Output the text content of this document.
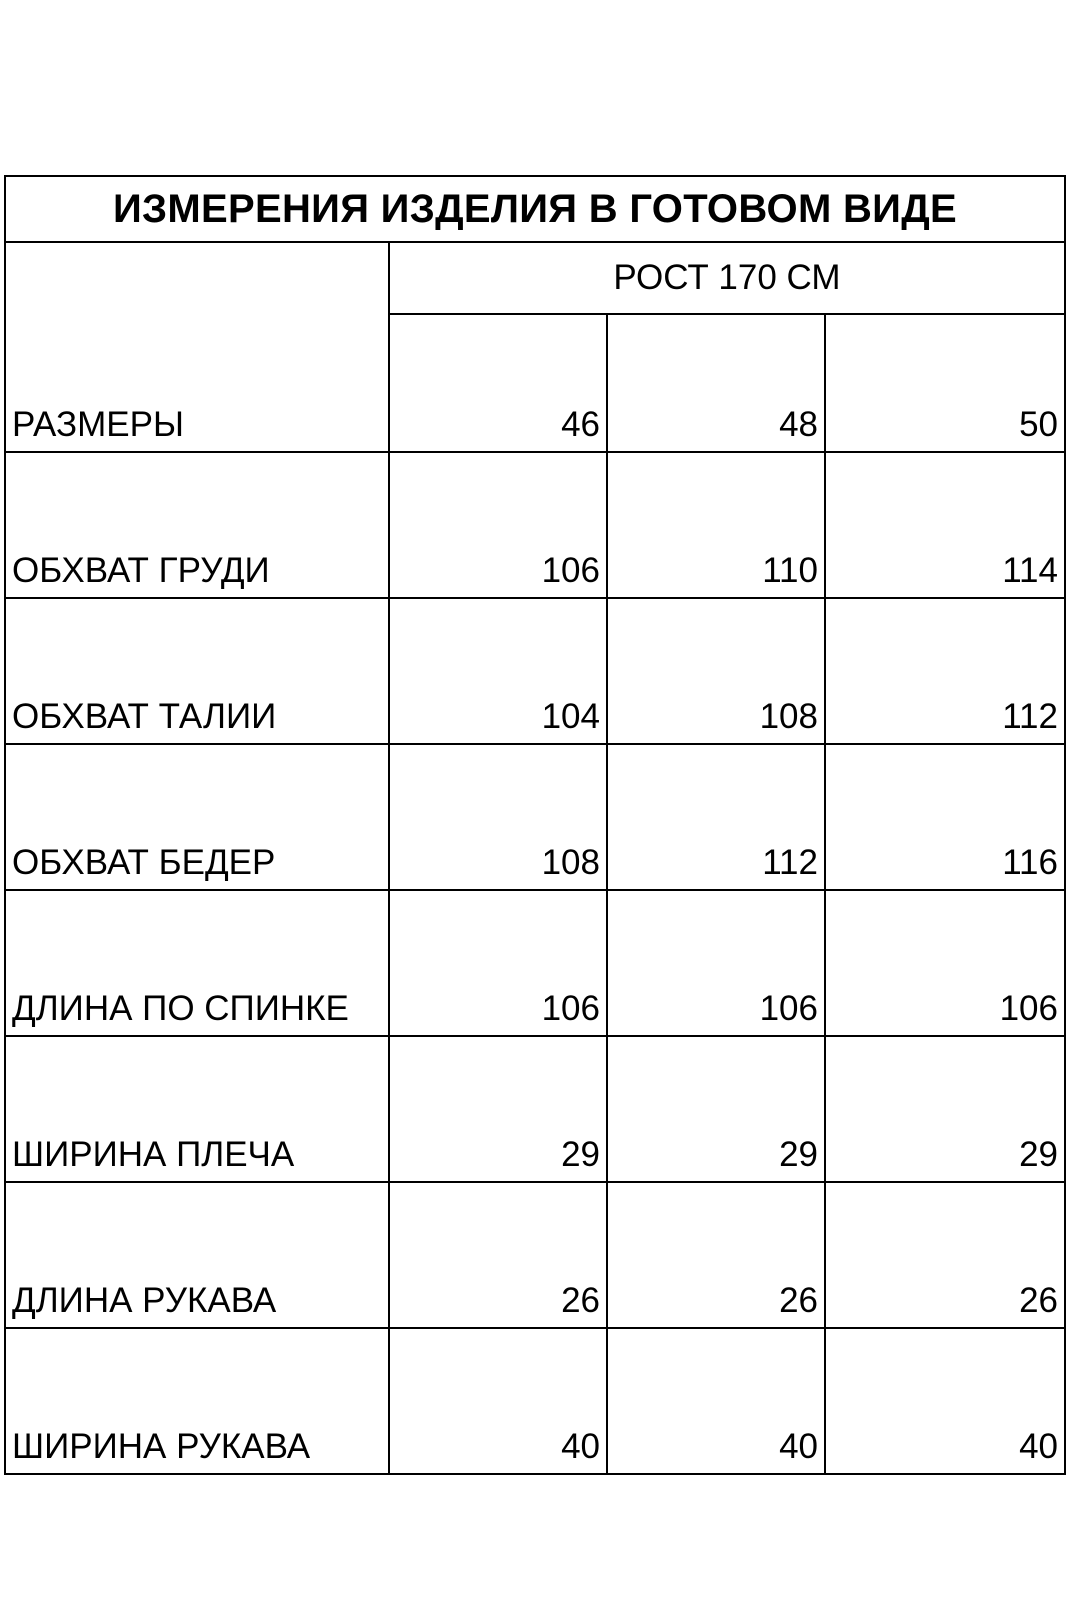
ИЗМЕРЕНИЯ ИЗДЕЛИЯ В ГОТОВОМ ВИДЕ			
РАЗМЕРЫ	РОСТ 170 СМ		
	46	48	50
ОБХВАТ ГРУДИ	106	110	114
ОБХВАТ ТАЛИИ	104	108	112
ОБХВАТ БЕДЕР	108	112	116
ДЛИНА ПО СПИНКЕ	106	106	106
ШИРИНА ПЛЕЧА	29	29	29
ДЛИНА РУКАВА	26	26	26
ШИРИНА РУКАВА	40	40	40
